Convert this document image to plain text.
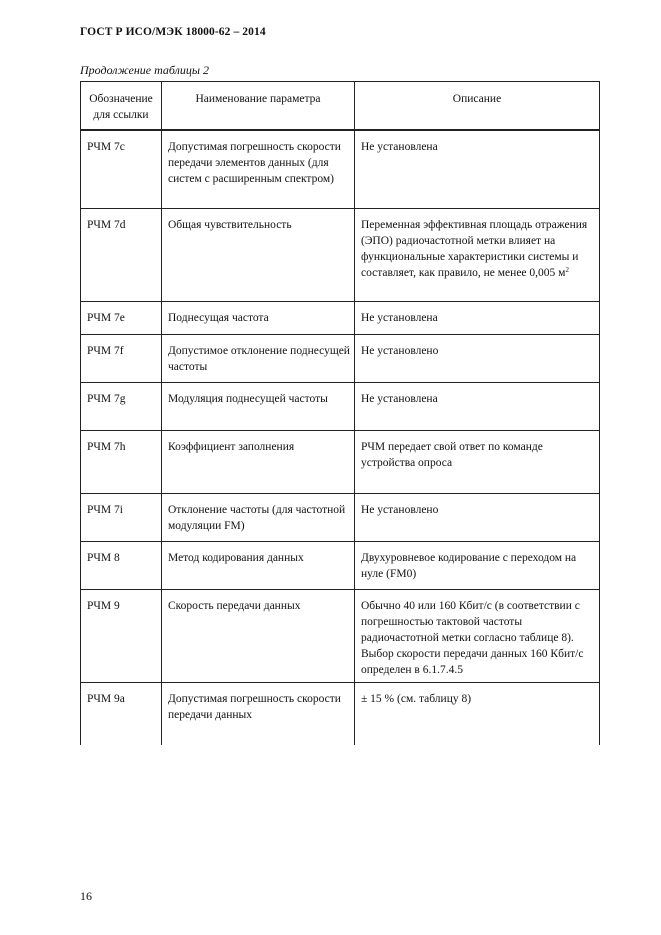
ГОСТ Р ИСО/МЭК 18000-62 – 2014
Продолжение таблицы 2
Обозначение для ссылки	Наименование параметра	Описание
РЧМ 7с	Допустимая погрешность скорости передачи элементов данных (для систем с расширенным спектром)	Не установлена
РЧМ 7d	Общая чувствительность	Переменная эффективная площадь отражения (ЭПО) радиочастотной метки влияет на функциональные характеристики системы и составляет, как правило, не менее 0,005 $м^2$
РЧМ 7е	Поднесущая частота	Не установлена
РЧМ 7f	Допустимое отклонение поднесущей частоты	Не установлено
РЧМ 7g	Модуляция поднесущей частоты	Не установлена
РЧМ 7h	Коэффициент заполнения	РЧМ передает свой ответ по команде устройства опроса
РЧМ 7i	Отклонение частоты (для частотной модуляции FM)	Не установлено
РЧМ 8	Метод кодирования данных	Двухуровневое кодирование с переходом на нуле (FM0)
РЧМ 9	Скорость передачи данных	Обычно 40 или 160 Кбит/с (в соответствии с погрешностью тактовой частоты радиочастотной метки согласно таблице 8). Выбор скорости передачи данных 160 Кбит/с определен в 6.1.7.4.5
РЧМ 9а	Допустимая погрешность скорости передачи данных	± 15 % (см. таблицу 8)
16
